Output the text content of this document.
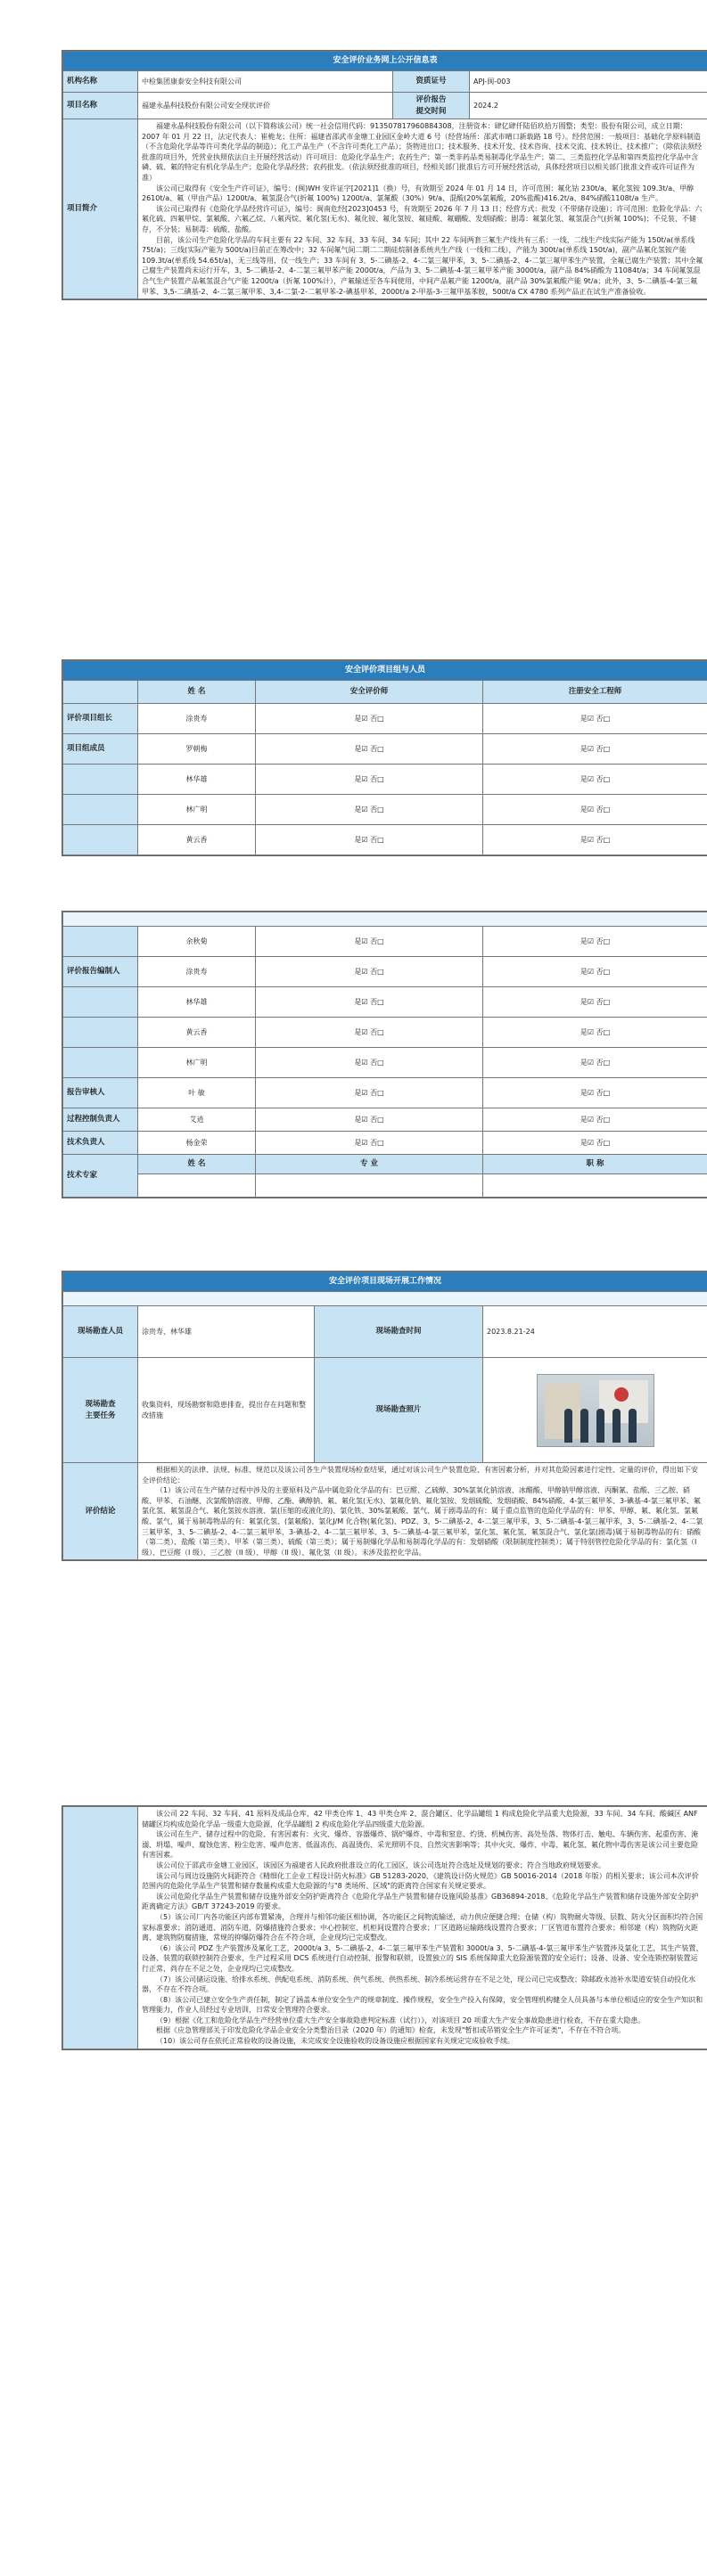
安全评价业务网上公开信息表			
机构名称	中检集团康泰安全科技有限公司	资质证号	APJ-闽-003
项目名称	福建永晶科技股份有限公司安全现状评价	评价报告
提交时间	2024.2
项目简介	福建永晶科技股份有限公司（以下简称该公司）统一社会信用代码：913507817960884308，注册资本：肆亿肆仟陆佰玖拾万圆整；类型：股份有限公司，成立日期：2007 年 01 月 22 日，法定代表人：崔桅龙；住所：福建省邵武市金塘工业园区金岭大道 6 号（经营场所：邵武市晴口新载路 18 号）。经营范围：一般项目：基础化学原料制造（不含危险化学品等许可类化学品的制造）；化工产品生产（不含许可类化工产品）；货物进出口；技术服务、技术开发、技术咨询、技术交流、技术转让、技术推广；（除依法须经批准的项目外，凭营业执照依法自主开展经营活动）许可项目：危险化学品生产；农药生产；第一类非药品类易制毒化学品生产；第二、三类监控化学品和第四类监控化学品中含磷、硫、氟的特定有机化学品生产；危险化学品经营；农药批发。（依法须经批准的项目，经相关部门批准后方可开展经营活动，具体经营项目以相关部门批准文件或许可证件为准）

该公司已取得有《安全生产许可证》，编号：(闽)WH 安许证字[2021]1（换）号，有效期至 2024 年 01 月 14 日，许可范围：氟化钴 230t/a、氟化氢铵 109.3t/a、甲醇 2610t/a、氟（甲由产品）1200t/a、氟氢混合气(折氟 100%) 1200t/a、氯氟酸（30%）9t/a、混酸(20%氯氟酸，20%盐酸)416.2t/a、84%硝酸1108t/a 生产。

该公司已取得有《危险化学品经营许可证》，编号：闽南危经[2023]0453 号，有效期至 2026 年 7 月 13 日；经营方式：批发（不带储存设施）；许可范围：危险化学品：六氟化硫、四氟甲烷、氯氟酸、六氟乙烷、八氟丙烷、氟化氢(无水)、氟化铵、氟化氢铵、氟硅酸、氟硼酸、发烟硝酸；剧毒：氟氯化氢、氟氢混合气(折氟 100%)；不兑装、不储存，不分装；易制毒：硫酸、盐酸。

目前，该公司生产危险化学品的车间主要有 22 车间、32 车间、33 车间、34 车间；其中 22 车间两套三氟生产线共有三系：一线、二线生产线实际产能为 150t/a(单系线 75t/a)；三线(实际产能为 500t/a)目前正在筹改中；32 车间氟气间二期二二期硅烷制备系统共生产线（一线和二线），产能为 300t/a(单系线 150t/a)，副产品氟化氢铵产能 109.3t/a(单系线 54.65t/a)，无三线等用，仅一线生产；33 车间有 3、5-二碘基-2、4-二氯三氟甲苯，3、5-二碘基-2、4-二氯三氟甲苯生产装置，全氟已腐生产装置；其中全氟己腐生产装置尚未运行开车，3、5-二碘基-2、4-二氯三氟甲苯产能 2000t/a，产品为 3、5-二碘基-4-氯三氟甲苯产能 3000t/a，副产品 84%硝酸为 11084t/a；34 车间氟氢混合气生产装置产品氟氢混合气产能 1200t/a（折氟 100%计），产氟输送至各车间使用，中间产品氟产能 1200t/a，副产品 30%氯氟酸产能 9t/a；此外，3、5-二碘基-4-氯三氟甲苯、3,5-二碘基-2、4-二氯三氟甲苯、3,4-二氯-2-二氟甲苯-2-碘基甲苯、2000t/a 2-甲基-3-三氟甲基苯胺，500t/a CX 4780 系列产品正在试生产准备验收。		

安全评价项目组与人员			
	姓 名	安全评价师	注册安全工程师
评价项目组长	涂贵寿	是☑ 否□	是☑ 否□
项目组成员	罗朝梅	是☑ 否□	是☑ 否□
	林华雄	是☑ 否□	是☑ 否□
	林广明	是☑ 否□	是☑ 否□
	黄云香	是☑ 否□	是☑ 否□

	余秋菊	是☑ 否□	是☑ 否□
评价报告编制人	涂贵寿	是☑ 否□	是☑ 否□
	林华雄	是☑ 否□	是☑ 否□
	黄云香	是☑ 否□	是☑ 否□
	林广明	是☑ 否□	是☑ 否□
报告审核人	叶 敏	是☑ 否□	是☑ 否□
过程控制负责人	艾逍	是☑ 否□	是☑ 否□
技术负责人	杨金荣	是☑ 否□	是☑ 否□
技术专家	姓 名	专 业	职 称

安全评价项目现场开展工作情况			

现场勘查人员	涂贵寿、林华雄	现场勘查时间	2023.8.21-24
现场勘查
主要任务	收集资料，现场勘察和隐患排查，提出存在问题和整改措施	现场勘查照片	

评价结论	根据相关的法律、法规、标准、规范以及该公司各生产装置现场检查结果，通过对该公司生产装置危险、有害因素分析，并对其危险因素进行定性、定量的评价，得出如下安全评价结论：

（1）该公司在生产储存过程中涉及的主要原料及产品中属危险化学品的有：巴豆醛、乙硫醇、30%氯氧化钠溶液、冰醋酸、甲醇钠甲醇溶液、丙酮氰、盐酸、三乙胺、硝酸、甲苯、石油醚、次氯酸钠溶液、甲醇、乙酯、碘醇钠、氟、氟化氢(无水)、氯氟化钠、氟化氢铵、发烟硫酸、发烟硝酸、84%硝酸、4-氯三氟甲苯、3-碘基-4-氯三氟甲苯、氟氯化氢、氟氢混合气、氟化氢铵水溶液、氯(压缩的或液化的)、氯化铁、30%氯氟酸、氯气、属于剧毒品的有：属于重点监管的危险化学品的有：甲苯、甲醇、氟、氟化氢、氯氟酸、氯气，属于易制毒物品的有：氟氯化氢、(氯氟酸)、氯化J/M 化合物(氟化氢)、PDZ、3、5-二碘基-2、4-二氯三氟甲苯，3、5-二碘基-4-氯三氟甲苯，3、5-二碘基-2、4-二氯三氟甲苯，3、5-二碘基-2、4-二氯三氟甲苯，3-碘基-2、4-二氯三氟甲苯、3、5-二碘基-4-氯三氟甲苯，氯化氢、氟化氢、氟氢混合气、氯化氯(剧毒)属于易制毒物品的有：硝酸（第二类）、盐酸（第三类）、甲苯（第三类）、硫酸（第三类）；属于易制爆化学品和易制毒化学品的有：发烟硝酸（限制制度控制类）；属于特别管控危险化学品的有：氯化氢（I 级）、巴豆醛（I 级）、三乙胺（II 级）、甲醇（II 级）、氟化氢（II 级）。未涉及监控化学品。		

该公司 22 车间、32 车间、41 原料及成品仓库、42 甲类仓库 1、43 甲类仓库 2、混合罐区、化学品罐组 1 构成危险化学品重大危险源，33 车间、34 车间、酸碱区 ANF 储罐区均构成危险化学品一级重大危险源，化学品罐组 2 构成危险化学品四级重大危险源。

该公司在生产、储存过程中的危险、有害因素有：火灾、爆炸、容器爆炸、锅炉爆炸、中毒和窒息、灼烫、机械伤害、高处坠落、物体打击、触电、车辆伤害、起重伤害、淹溺、坍塌、噪声、腐蚀危害、粉尘危害、噪声危害、低温冻伤、高温烫伤、采光照明不良、自然灾害影响等；其中火灾、爆炸、中毒、氟化氢、氟化物中毒伤害是该公司主要危险有害因素。

该公司位于邵武市金塘工业园区，该园区为福建省人民政府批准设立的化工园区，该公司选址符合选址及规划的要求；符合当地政府规划要求。

该公司与周边设施防火间距符合《精细化工企业工程设计防火标准》GB 51283-2020、《建筑设计防火规范》GB 50016-2014（2018 年版）的相关要求；该公司本次评价范围内的危险化学品生产装置和储存数量构成重大危险源的与"8 类场所、区域"的距离符合国家有关规定要求。

该公司危险化学品生产装置和储存设施外部安全防护距离符合《危险化学品生产装置和储存设施风险基准》GB36894-2018、《危险化学品生产装置和储存设施外部安全防护距离确定方法》GB/T 37243-2019 的要求。

（5）该公司厂内各功能区内部布置紧凑，合理并与相邻功能区相协调，各功能区之间物流输送，动力供应便捷合理；仓储（构）筑物耐火等级、层数、防火分区面积均符合国家标准要求；消防通道、消防车道，防爆措施符合要求；中心控制室、机柜间设置符合要求；厂区道路运输路线设置符合要求；厂区管道布置符合要求；相邻建（构）筑物防火距离、建筑物防腐措施，常规的抑爆防爆符合在不符合项，企业现均已完成整改。

（6）该公司 PDZ 生产装置涉及氟化工艺，2000t/a 3、5-二碘基-2、4-二氯三氟甲苯生产装置和 3000t/a 3、5-二碘基-4-氯三氟甲苯生产装置涉及氯化工艺，其生产装置、设备、装置的联锁控制符合要求，生产过程采用 DCS 系统进行自动控制、报警和联锁，设置独立的 SIS 系统保障重大危险源装置的安全运行；设备、设备、安全连锁控制装置运行正常，尚存在不足之处，企业现均已完成整改。

（7）该公司储运设施、给排水系统、供配电系统、消防系统、供气系统、供热系统、制冷系统运营存在不足之处，现公司已完成整改；除邮政永池补水渠道安装自动投化水器，不存在不符合项。

（8）该公司已建立安全生产责任制，制定了涵盖本单位安全生产的规章制度、操作规程，安全生产投入有保障，安全管理机构健全人员具备与本单位相适应的安全生产知识和管理能力，作业人员经过专业培训，日常安全管理符合要求。

（9）根据《化工和危险化学品生产经营单位重大生产安全事故隐患判定标准（试行）》，对该项目 20 项重大生产安全事故隐患进行检查，不存在重大隐患。

根据《应急管理部关于印发危险化学品企业安全分类整治目录（2020 年）的通知》检查，未发现"暂扣或吊销安全生产许可证类"，不存在不符合项。

（10）该公司存在依托正常验收的设备设施，未完成安全设施验收的设备设施应根据国家有关规定完成验收手续。
